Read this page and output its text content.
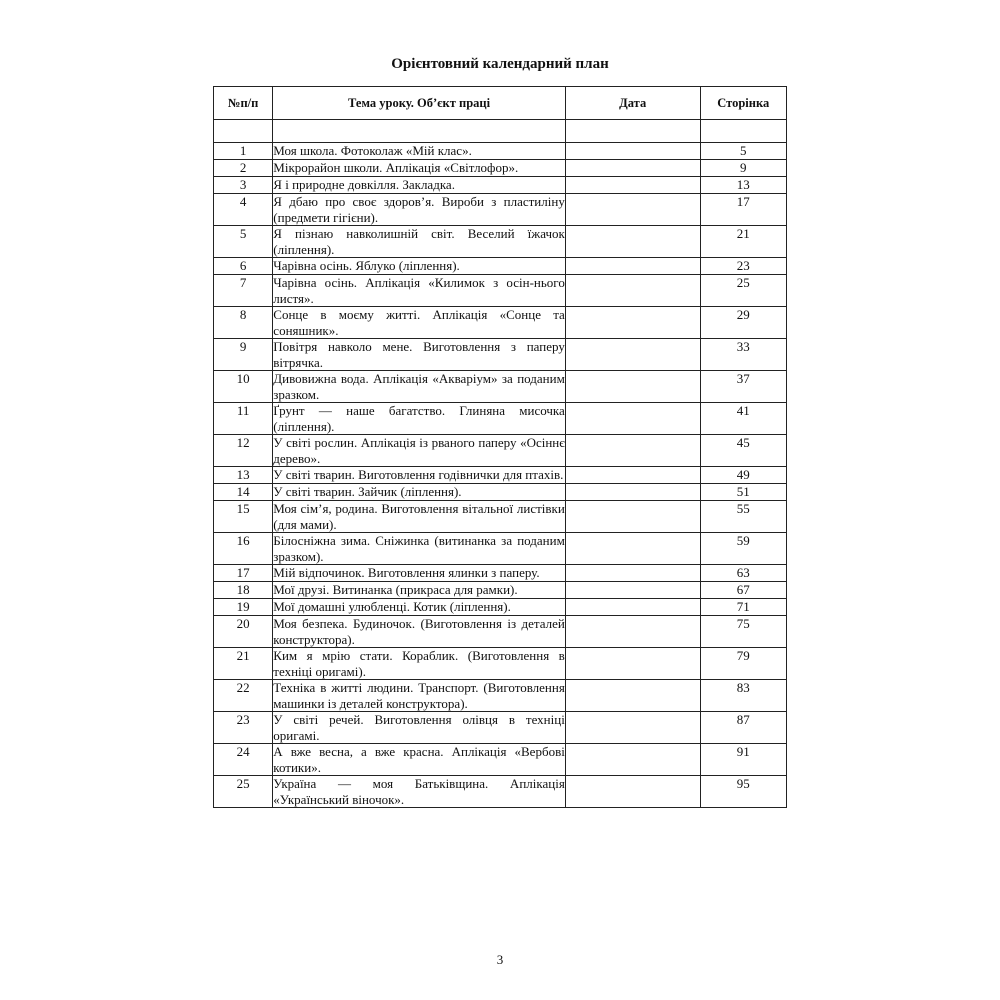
Орієнтовний календарний план
№п/п	Тема уроку. Об’єкт праці	Дата	Сторінка

1	Моя школа. Фотоколаж «Мій клас».		5
2	Мікрорайон школи. Аплікація «Світлофор».		9
3	Я і природне довкілля. Закладка.		13
4	Я дбаю про своє здоров’я. Вироби з пластиліну (предмети гігієни).		17
5	Я пізнаю навколишній світ. Веселий їжачок (ліплення).		21
6	Чарівна осінь. Яблуко (ліплення).		23
7	Чарівна осінь. Аплікація «Килимок з осін-нього листя».		25
8	Сонце в моєму житті. Аплікація «Сонце та соняшник».		29
9	Повітря навколо мене. Виготовлення з паперу вітрячка.		33
10	Дивовижна вода. Аплікація «Акваріум» за поданим зразком.		37
11	Ґрунт — наше багатство. Глиняна мисочка (ліплення).		41
12	У світі рослин. Аплікація із рваного паперу «Осіннє дерево».		45
13	У світі тварин. Виготовлення годівнички для птахів.		49
14	У світі тварин. Зайчик (ліплення).		51
15	Моя сім’я, родина. Виготовлення вітальної листівки (для мами).		55
16	Білосніжна зима. Сніжинка (витинанка за поданим зразком).		59
17	Мій відпочинок. Виготовлення ялинки з паперу.		63
18	Мої друзі. Витинанка (прикраса для рамки).		67
19	Мої домашні улюбленці. Котик (ліплення).		71
20	Моя безпека. Будиночок. (Виготовлення із деталей конструктора).		75
21	Ким я мрію стати. Кораблик. (Виготовлення в техніці оригамі).		79
22	Техніка в житті людини. Транспорт. (Виготовлення машинки із деталей конструктора).		83
23	У світі речей. Виготовлення олівця в техніці оригамі.		87
24	А вже весна, а вже красна. Аплікація «Вербові котики».		91
25	Україна — моя Батьківщина. Аплікація «Український віночок».		95
3
